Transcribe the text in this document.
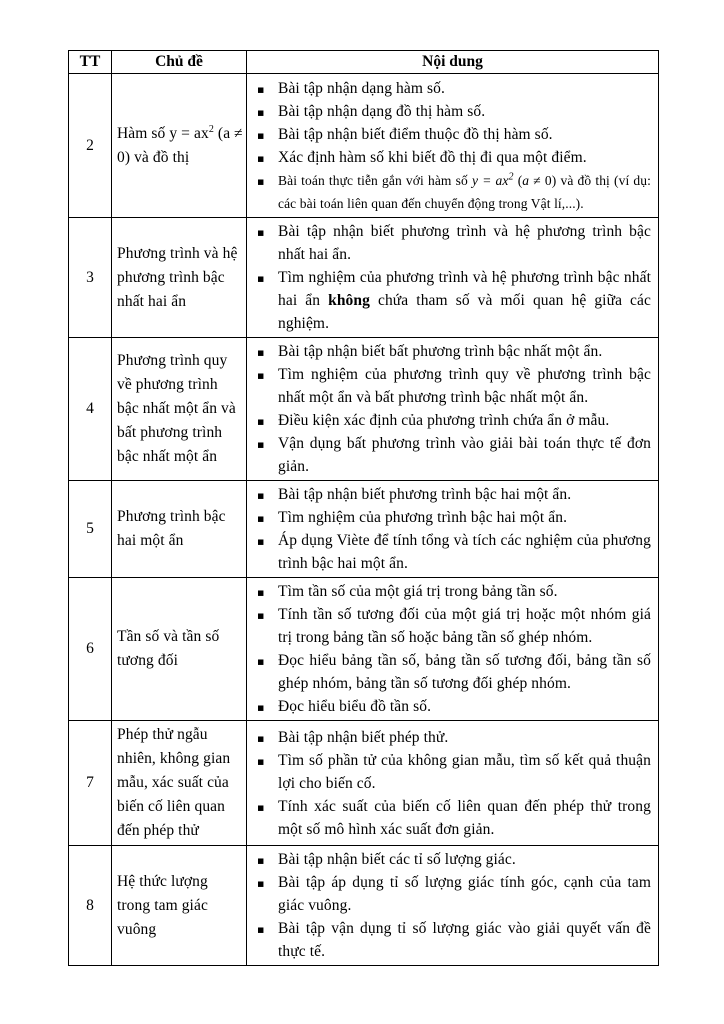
TT	Chủ đề	Nội dung
2	Hàm số $y = ax^2$ (a ≠ 0) và đồ thị	
▪ Bài tập nhận dạng hàm số.
▪ Bài tập nhận dạng đồ thị hàm số.
▪ Bài tập nhận biết điểm thuộc đồ thị hàm số.
▪ Xác định hàm số khi biết đồ thị đi qua một điểm.
▪ Bài toán thực tiễn gắn với hàm số $y = ax^2$ (a ≠ 0) và đồ thị (ví dụ: các bài toán liên quan đến chuyển động trong Vật lí,...).

3	Phương trình và hệ phương trình bậc nhất hai ẩn	▪ Bài tập nhận biết phương trình và hệ phương trình bậc nhất hai ẩn.
▪ Tìm nghiệm của phương trình và hệ phương trình bậc nhất hai ẩn không chứa tham số và mối quan hệ giữa các nghiệm.

4	Phương trình quy về phương trình bậc nhất một ẩn và bất phương trình bậc nhất một ẩn	
▪ Bài tập nhận biết bất phương trình bậc nhất một ẩn.
▪ Tìm nghiệm của phương trình quy về phương trình bậc nhất một ẩn và bất phương trình bậc nhất một ẩn.
▪ Điều kiện xác định của phương trình chứa ẩn ở mẫu.
▪ Vận dụng bất phương trình vào giải bài toán thực tế đơn giản.

5	Phương trình bậc hai một ẩn	
▪ Bài tập nhận biết phương trình bậc hai một ẩn.
▪ Tìm nghiệm của phương trình bậc hai một ẩn.
▪ Áp dụng Viète để tính tổng và tích các nghiệm của phương trình bậc hai một ẩn.

6	Tần số và tần số tương đối	
▪ Tìm tần số của một giá trị trong bảng tần số.
▪ Tính tần số tương đối của một giá trị hoặc một nhóm giá trị trong bảng tần số hoặc bảng tần số ghép nhóm.
▪ Đọc hiểu bảng tần số, bảng tần số tương đối, bảng tần số ghép nhóm, bảng tần số tương đối ghép nhóm.
▪ Đọc hiểu biểu đồ tần số.

7	Phép thử ngẫu nhiên, không gian mẫu, xác suất của biến cố liên quan đến phép thử	
▪ Bài tập nhận biết phép thử.
▪ Tìm số phần tử của không gian mẫu, tìm số kết quả thuận lợi cho biến cố.
▪ Tính xác suất của biến cố liên quan đến phép thử trong một số mô hình xác suất đơn giản.

8	Hệ thức lượng trong tam giác vuông	
▪ Bài tập nhận biết các tỉ số lượng giác.
▪ Bài tập áp dụng tỉ số lượng giác tính góc, cạnh của tam giác vuông.
▪ Bài tập vận dụng tỉ số lượng giác vào giải quyết vấn đề thực tế.
